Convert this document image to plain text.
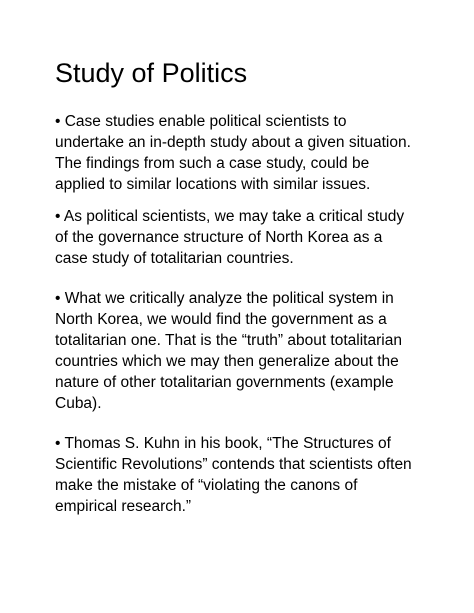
Study of Politics

• Case studies enable political scientists to
undertake an in-depth study about a given situation.
The findings from such a case study, could be
applied to similar locations with similar issues.

• As political scientists, we may take a critical study
of the governance structure of North Korea as a
case study of totalitarian countries.

• What we critically analyze the political system in
North Korea, we would find the government as a
totalitarian one. That is the “truth” about totalitarian
countries which we may then generalize about the
nature of other totalitarian governments (example
Cuba).

• Thomas S. Kuhn in his book, “The Structures of
Scientific Revolutions” contends that scientists often
make the mistake of “violating the canons of
empirical research.”
